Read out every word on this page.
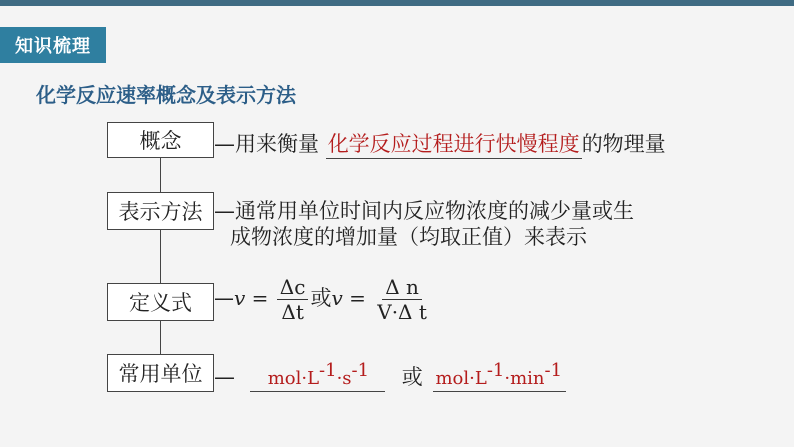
知识梳理
化学反应速率概念及表示方法
概念 —用来衡量 化学反应过程进行快慢程度的物理量
表示方法 —通常用单位时间内反应物浓度的减少量或生
成物浓度的增加量（均取正值）来表示
定义式 —v = $\frac{\Delta c}{\Delta t}$ 或$v = \frac{\text{Δ n}}{\text{V·Δ t}}$
常用单位 — $mol\cdot L^{-1}\cdot s^{-1}$ 或 $mol\cdot L^{-1}\cdot\min^{-1}$
